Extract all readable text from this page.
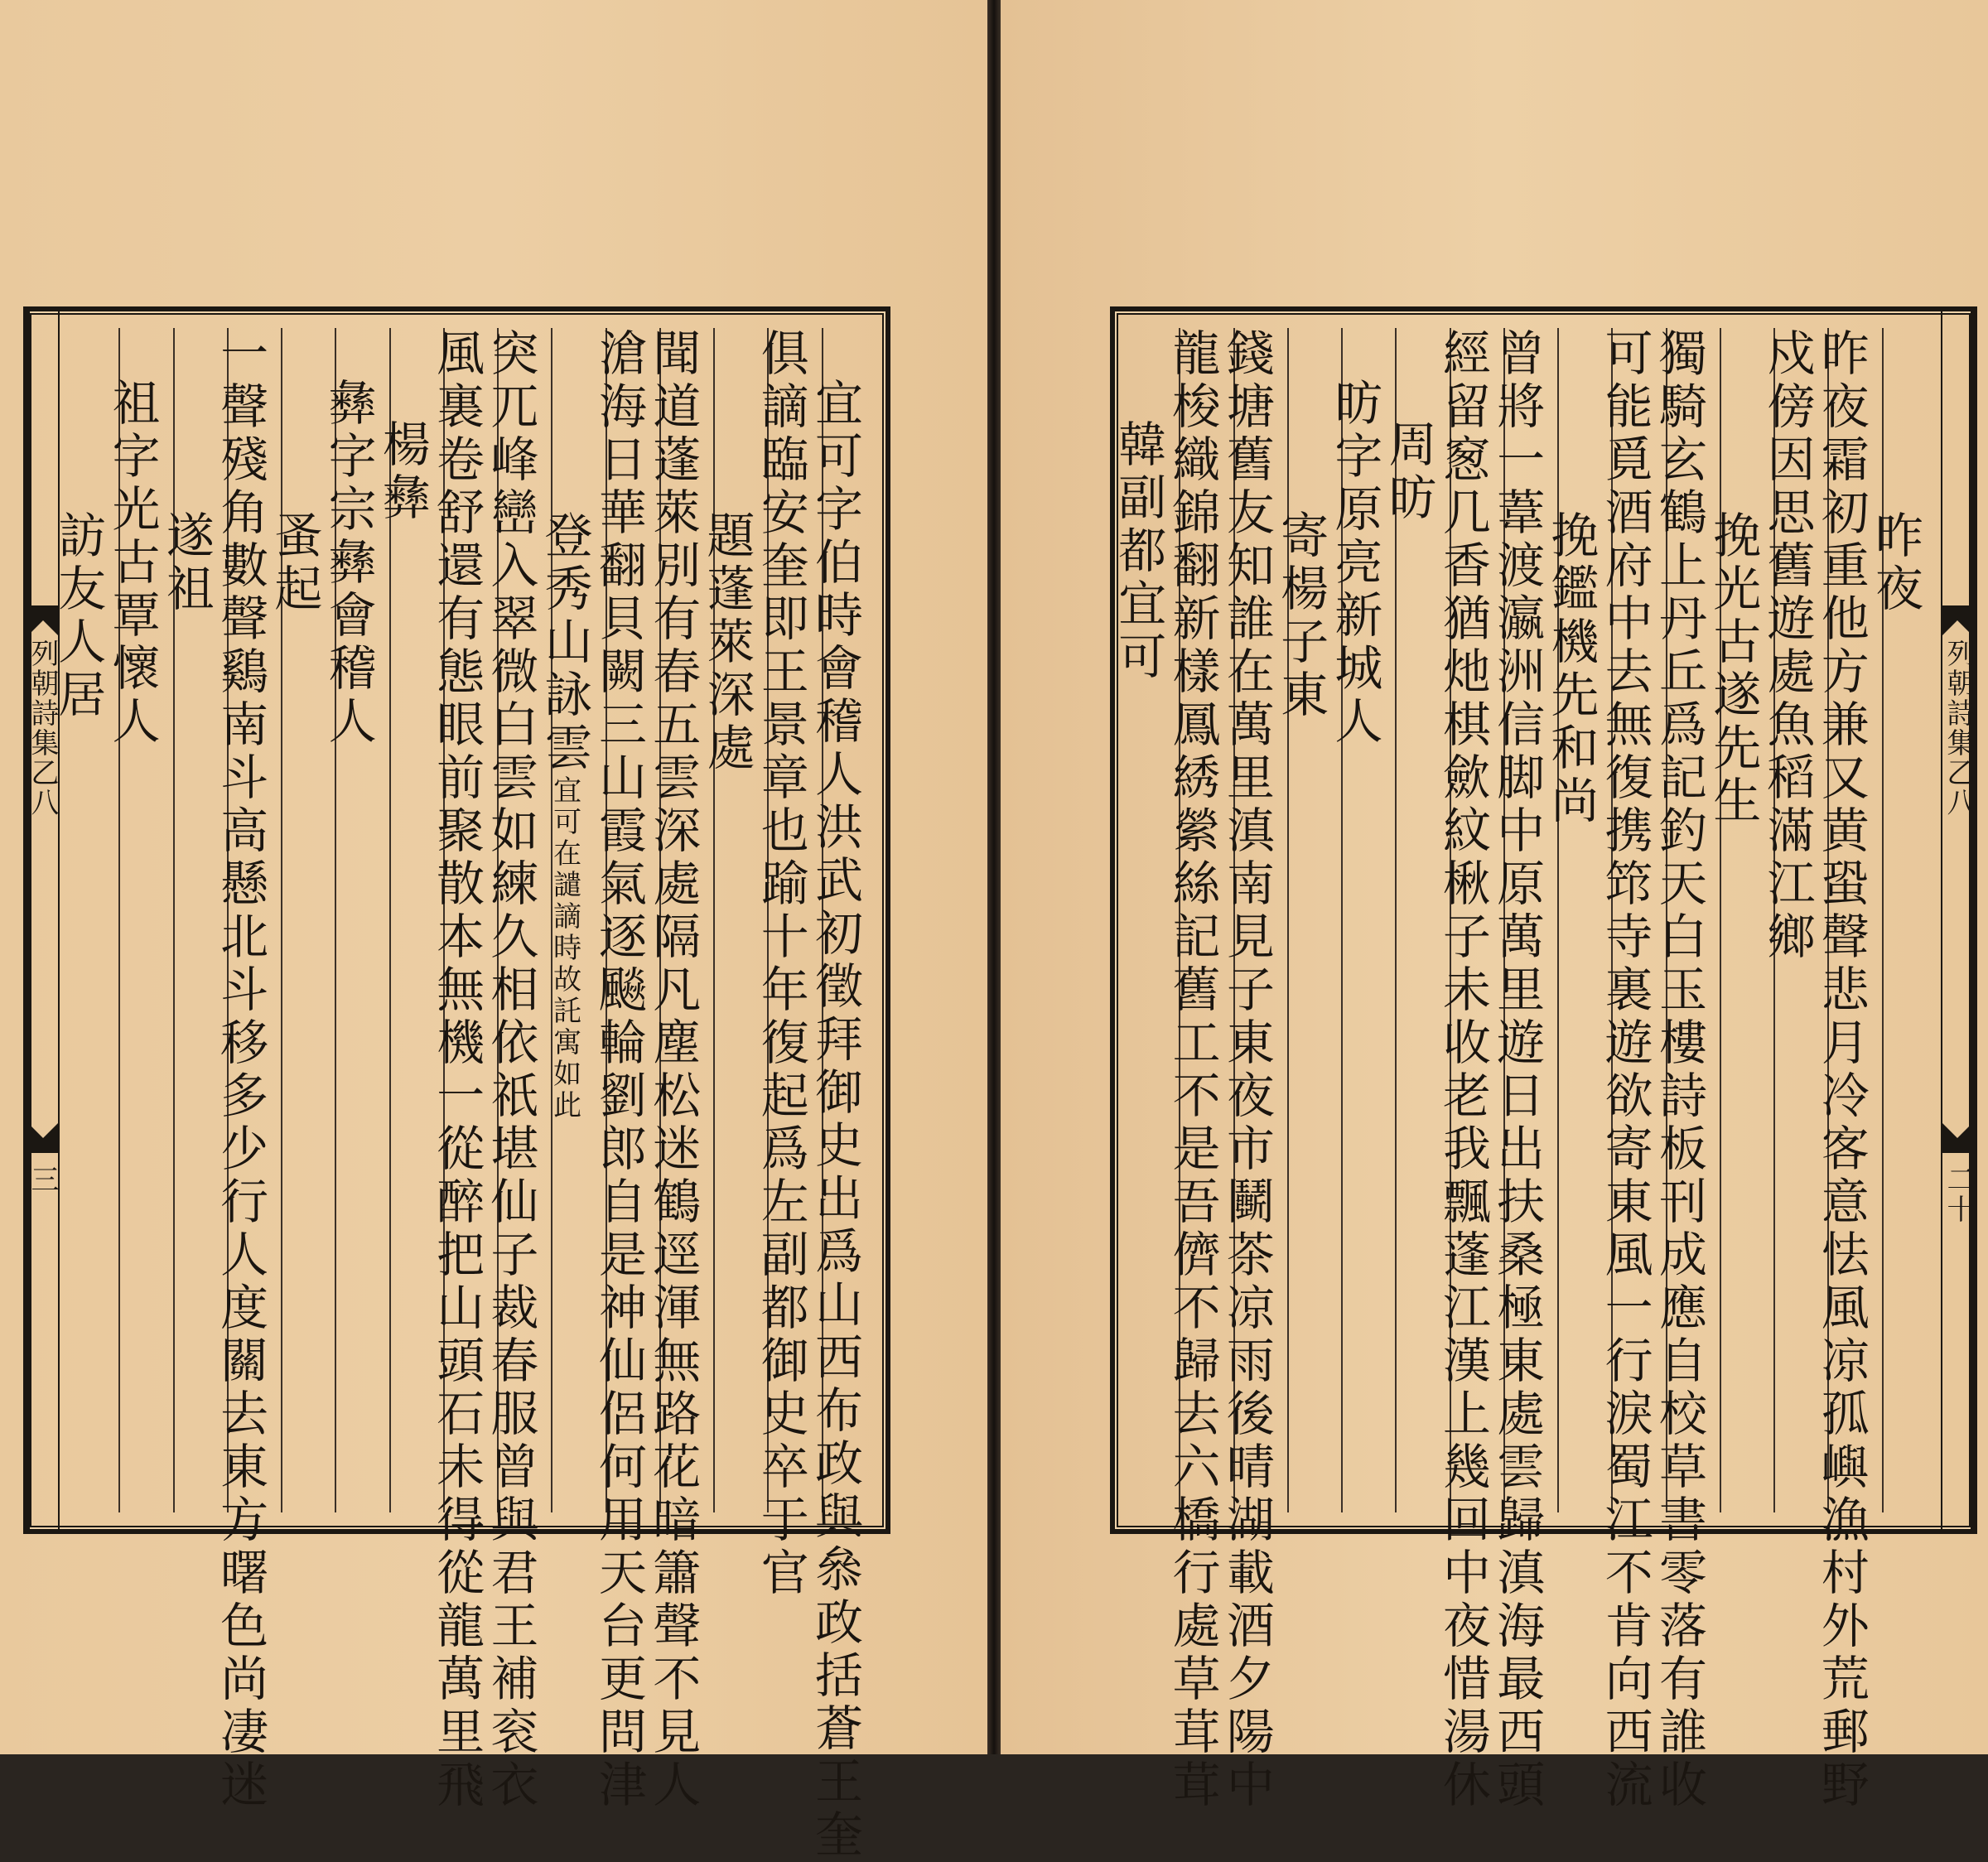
列朝詩集乙八
三	宜可字伯時會稽人洪武初徵拜御史出爲山西布政與叅政括蒼王奎
俱謫臨安奎即王景章也踰十年復起爲左副都御史卒于官
題蓬萊深處
聞道蓬萊別有春五雲深處隔凡塵松迷鶴逕渾無路花暗簫聲不見人
滄海日華翻貝闕三山霞氣逐飈輪劉郎自是神仙侶何用天台更問津
登秀山詠雲宜可在譴謫時故託寓如此
突兀峰巒入翠微白雲如練久相依祇堪仙子裁春服曾與君王補衮衣
風裏卷舒還有態眼前聚散本無機一從醉把山頭石未得從龍萬里飛
楊彝
彝字宗彝會稽人
蚤起
一聲殘角數聲鷄南斗高懸北斗移多少行人度關去東方曙色尚凄迷
遂祖
祖字光古覃懷人
訪友人居
列朝詩集乙八
二十
昨夜
昨夜霜初重他方兼又黄蛩聲悲月冷客意怯風凉孤嶼漁村外荒郵野
戍傍因思舊遊處魚稻滿江鄉
挽光古遂先生
獨騎玄鶴上丹丘爲記釣天白玉樓詩板刊成應自校草書零落有誰收
可能覓酒府中去無復携筇寺裏遊欲寄東風一行淚蜀江不肯向西流
挽鑑機先和尚
曾將一葦渡瀛洲信脚中原萬里遊日出扶桑極東處雲歸滇海最西頭
經留䆫几香猶灺棋歛紋楸子未收老我飄蓬江漢上幾回中夜惜湯休
周昉
昉字原亮新城人
寄楊子東
錢塘舊友知誰在萬里滇南見子東夜市鬭茶凉雨後晴湖載酒夕陽中
龍梭織錦翻新樣鳳綉縈絲記舊工不是吾儕不歸去六橋行處草茸茸
韓副都宜可
